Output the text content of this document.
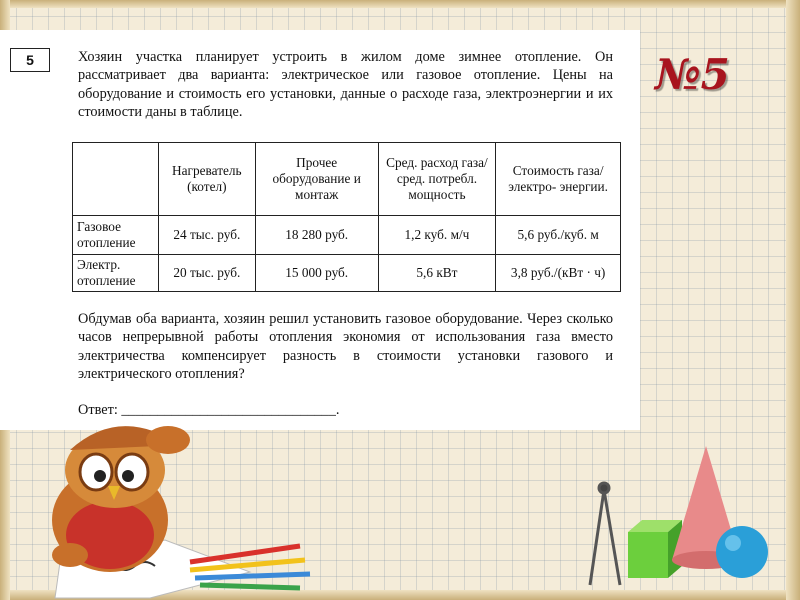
5	Хозяин участка планирует устроить в жилом доме зимнее отопление. Он рассматривает два варианта: электрическое или газовое отопление. Цены на оборудование и стоимость его установки, данные о расходе газа, электроэнергии и их стоимости даны в таблице.

	Нагреватель (котел)	Прочее оборудование и монтаж	Сред. расход газа/ сред. потребл. мощность	Стоимость газа/электро- энергии.
Газовое отопление	24 тыс. руб.	18 280 руб.	1,2 куб. м/ч	5,6 руб./куб. м
Электр. отопление	20 тыс. руб.	15 000 руб.	5,6 кВт	3,8 руб./(кВт · ч)

Обдумав оба варианта, хозяин решил установить газовое оборудование. Через сколько часов непрерывной работы отопления экономия от использования газа вместо электричества компенсирует разность в стоимости установки газового и электрического отопления?

Ответ: ______________________________.
№5
